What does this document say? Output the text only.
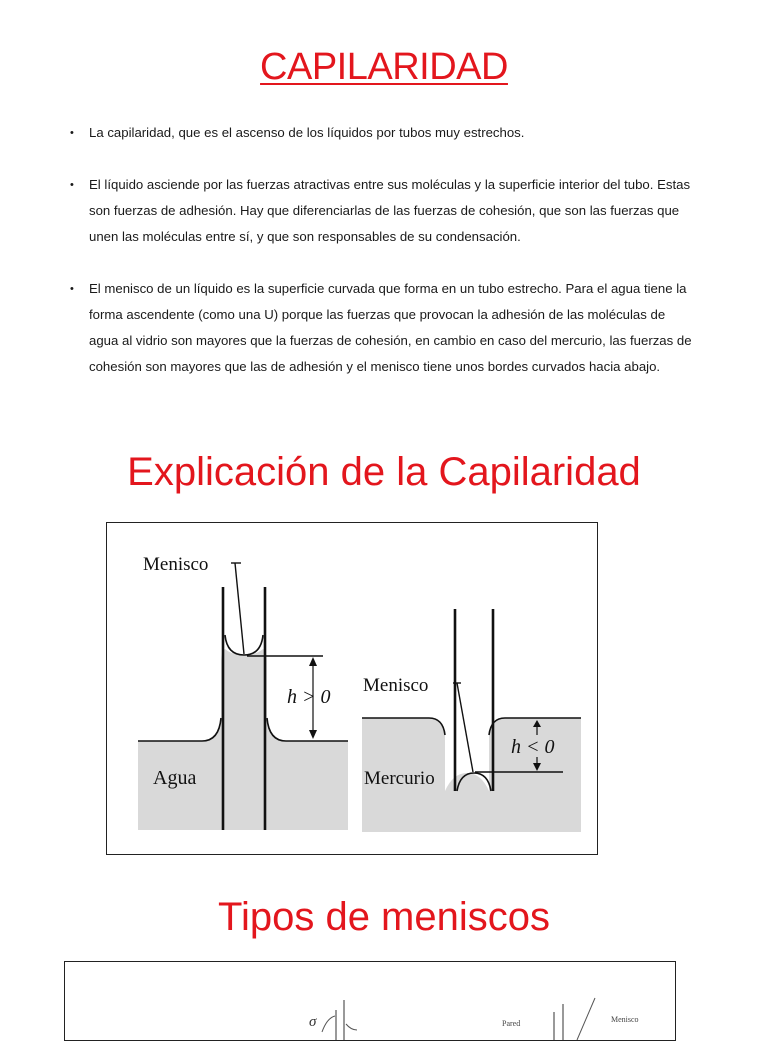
CAPILARIDAD
• La capilaridad, que es el ascenso de los líquidos por tubos muy estrechos.
• El líquido asciende por las fuerzas atractivas entre sus moléculas y la superficie interior del tubo. Estas son fuerzas de adhesión. Hay que diferenciarlas de las fuerzas de cohesión, que son las fuerzas que unen las moléculas entre sí, y que son responsables de su condensación.
• El menisco de un líquido es la superficie curvada que forma en un tubo estrecho. Para el agua tiene la forma ascendente (como una U) porque las fuerzas que provocan la adhesión de las moléculas de agua al vidrio son mayores que la fuerzas de cohesión, en cambio en caso del mercurio, las fuerzas de cohesión son mayores que las de adhesión y el menisco tiene unos bordes curvados hacia abajo.
Explicación de la Capilaridad
Menisco
h > 0
Agua
Menisco
h < 0
Mercurio
Tipos de meniscos
σ	Pared	Menisco
